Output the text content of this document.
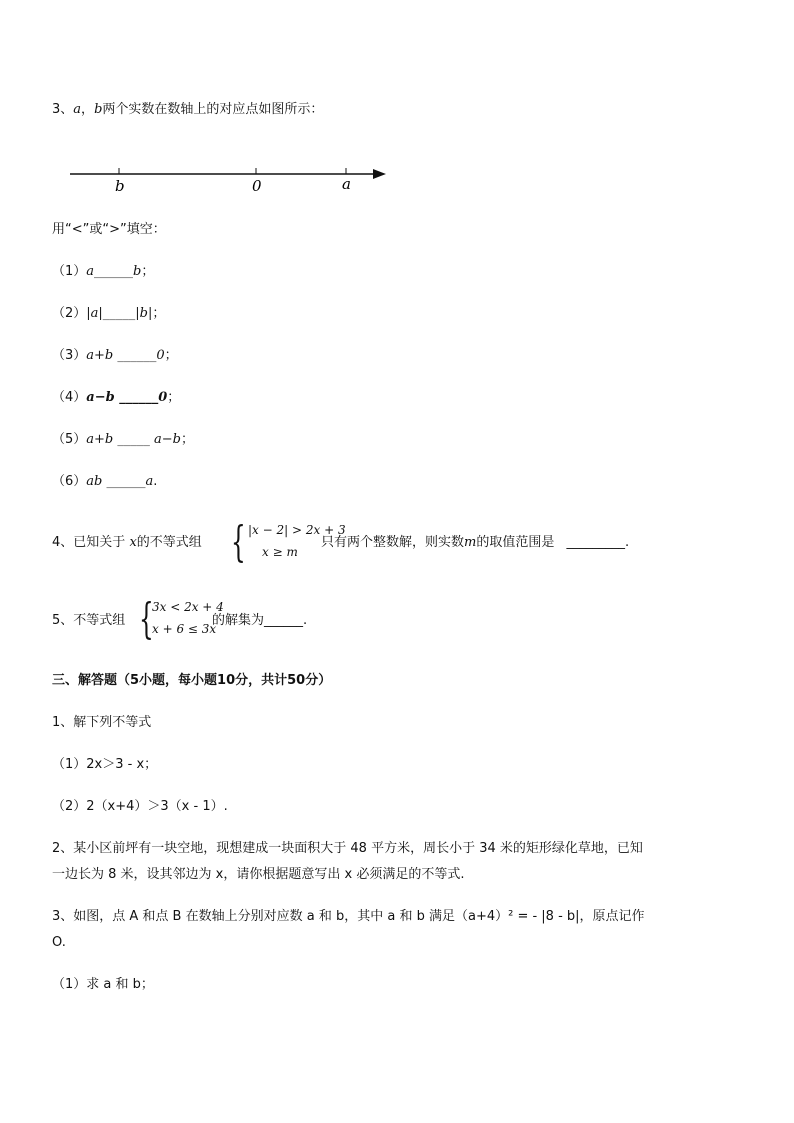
3、a，b两个实数在数轴上的对应点如图所示：
b	0	a
用“<”或“>”填空：
（1）a______b；
（2）|a|_____|b|；
（3）a+b ______0；
（4）a−b ______0；
（5）a+b _____ a−b；
（6）ab ______a.
4、已知关于 x的不等式组 { |x − 2| > 2x + 3
x ≥ m
只有两个整数解，则实数m的取值范围是 _________.
5、不等式组 {
3x < 2x + 4
x + 6 ≤ 3x
的解集为______.
三、解答题（5小题，每小题10分，共计50分）
1、解下列不等式
（1）2x＞3 - x；
（2）2（x+4）＞3（x - 1）.
2、某小区前坪有一块空地，现想建成一块面积大于 48 平方米，周长小于 34 米的矩形绿化草地，已知
一边长为 8 米，设其邻边为 x，请你根据题意写出 x 必须满足的不等式.
3、如图，点 A 和点 B 在数轴上分别对应数 a 和 b，其中 a 和 b 满足（a+4）² = - |8 - b|，原点记作
O.
（1）求 a 和 b；
